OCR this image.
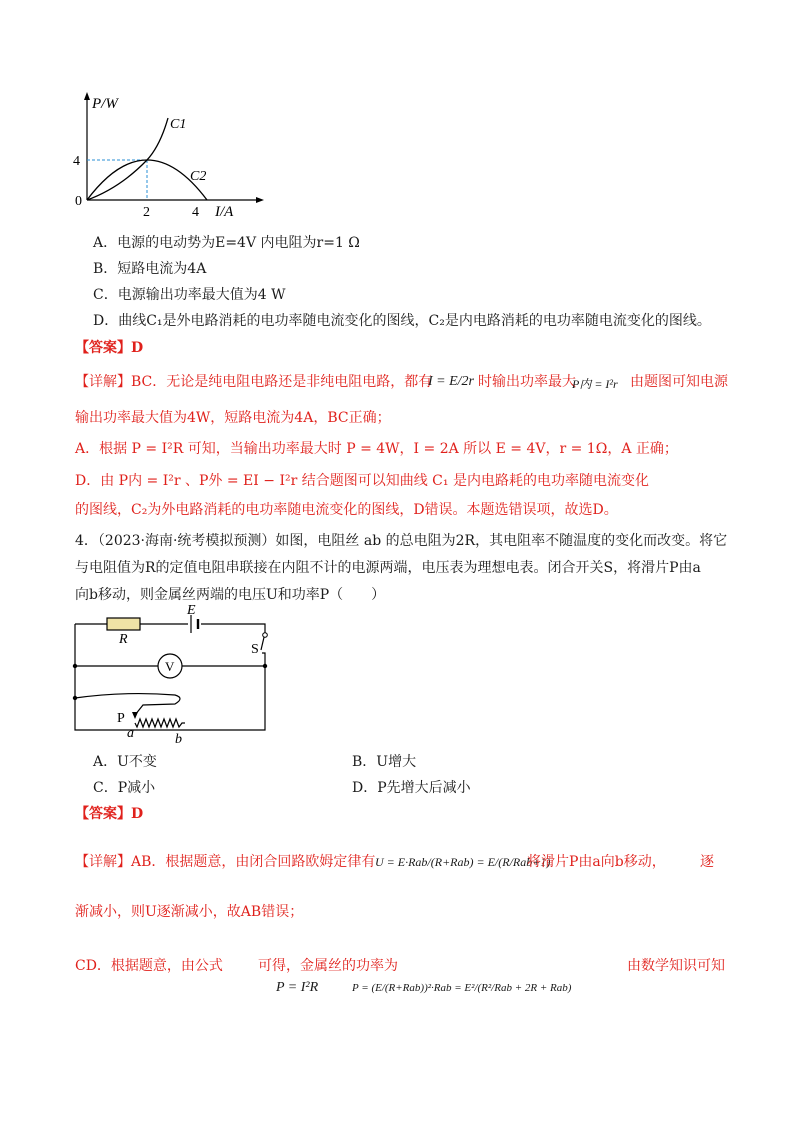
P/W
C1
C2
4
0
2	4 I/A
A．电源的电动势为E=4V 内电阻为r=1 Ω
B．短路电流为4A
C．电源输出功率最大值为4 W
D．曲线C₁是外电路消耗的电功率随电流变化的图线，C₂是内电路消耗的电功率随电流变化的图线。
【答案】D
【详解】BC．无论是纯电阻电路还是非纯电阻电路，都有
I = E/2r 时输出功率最大
P内 = I²r 由题图可知电源
输出功率最大值为4W，短路电流为4A，BC正确；
A．根据 P = I²R 可知，当输出功率最大时 P = 4W，I = 2A 所以 E = 4V，r = 1Ω，A 正确；
D．由 P内 = I²r 、P外 = EI − I²r 结合题图可以知曲线 C₁ 是内电路耗的电功率随电流变化
的图线，C₂为外电路消耗的电功率随电流变化的图线，D错误。本题选错误项，故选D。
4．（2023·海南·统考模拟预测）如图，电阻丝 ab 的总电阻为2R，其电阻率不随温度的变化而改变。将它
与电阻值为R的定值电阻串联接在内阻不计的电源两端，电压表为理想电表。闭合开关S，将滑片P由a
向b移动，则金属丝两端的电压U和功率P（　　）
E
R
S
V
P
a	b
A．U不变	B．U增大
C．P减小	D．P先增大后减小
【答案】D
【详解】AB．根据题意，由闭合回路欧姆定律有 U = E·Rab/(R+Rab) = E/(R/Rab+1)
将滑片P由a向b移动， 逐
渐减小，则U逐渐减小，故AB错误；
CD．根据题意，由公式
P = I²R
可得，金属丝的功率为
P = (E/(R+Rab))²·Rab = E²/(R²/Rab + 2R + Rab)
由数学知识可知
